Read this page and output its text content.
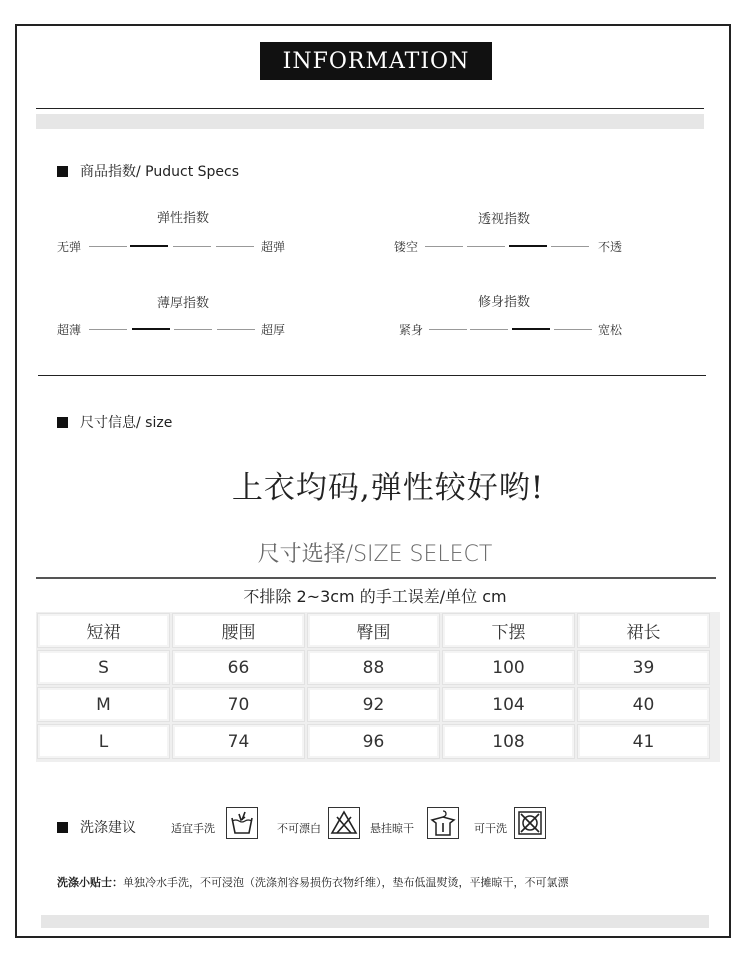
INFORMATION
商品指数/ Puduct Specs
弹性指数
无弹	超弹
透视指数
镂空	不透
薄厚指数
超薄	超厚
修身指数
紧身	宽松
尺寸信息/ size
上衣均码,弹性较好哟!
尺寸选择/SIZE SELECT
不排除 2~3cm 的手工误差/单位 cm
短裙	腰围	臀围	下摆	裙长
S	66	88	100	39
M	70	92	104	40
L	74	96	108	41
洗涤建议	适宜手洗	不可漂白	悬挂晾干	可干洗
洗涤小贴士：单独冷水手洗，不可浸泡（洗涤剂容易损伤衣物纤维），垫布低温熨烫，平摊晾干，不可氯漂
